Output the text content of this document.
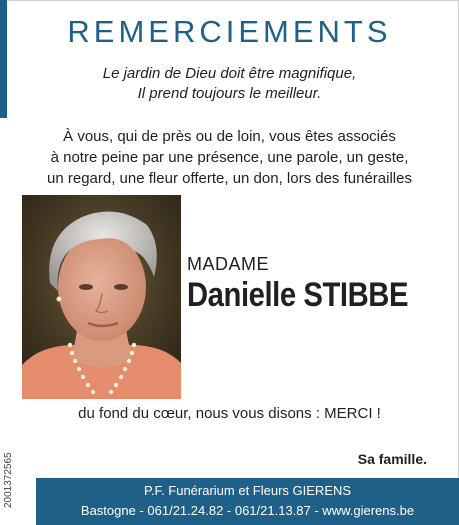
REMERCIEMENTS
Le jardin de Dieu doit être magnifique,
Il prend toujours le meilleur.
À vous, qui de près ou de loin, vous êtes associés
à notre peine par une présence, une parole, un geste,
un regard, une fleur offerte, un don, lors des funérailles
MADAME
Danielle STIBBE
du fond du cœur, nous vous disons : MERCI !
Sa famille.
2001372565	P.F. Funérarium et Fleurs GIERENS
Bastogne - 061/21.24.82 - 061/21.13.87 - www.gierens.be
